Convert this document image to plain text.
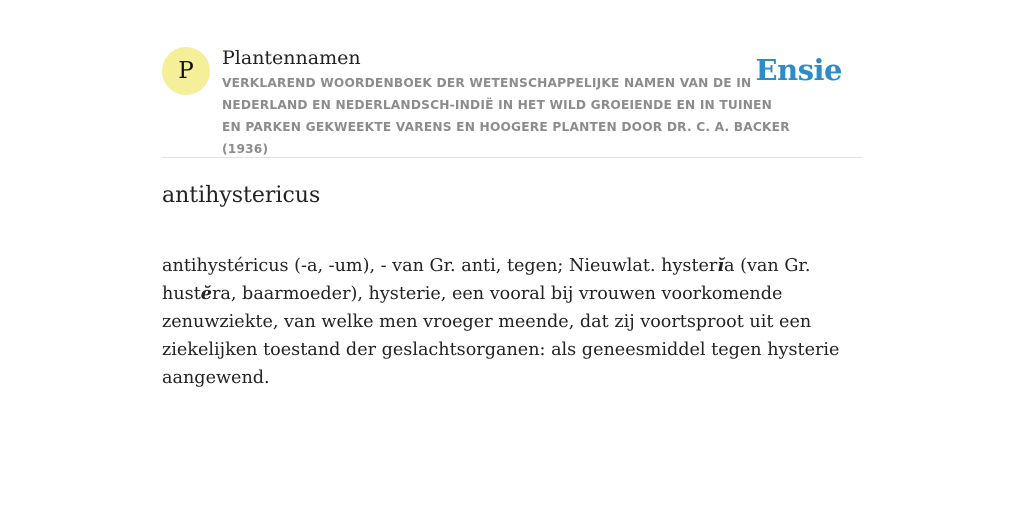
P Plantennamen
VERKLAREND WOORDENBOEK DER WETENSCHAPPELIJKE NAMEN VAN DE IN NEDERLAND EN NEDERLANDSCH-INDIË IN HET WILD GROEIENDE EN IN TUINEN EN PARKEN GEKWEEKTE VARENS EN HOOGERE PLANTEN DOOR DR. C. A. BACKER (1936)
Ensie
antihystericus

antihystéricus (-a, -um), - van Gr. anti, tegen; Nieuwlat. hysterĭa (van Gr. hustĕra, baarmoeder), hysterie, een vooral bij vrouwen voorkomende zenuwziekte, van welke men vroeger meende, dat zij voortsproot uit een ziekelijken toestand der geslachtsorganen: als geneesmiddel tegen hysterie aangewend.
